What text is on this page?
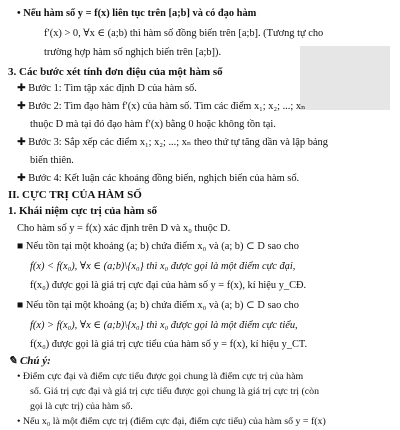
• Nếu hàm số y = f(x) liên tục trên [a;b] và có đạo hàm
f′(x) > 0, ∀x ∈ (a;b) thì hàm số đồng biến trên [a;b]. (Tương tự cho
trường hợp hàm số nghịch biến trên [a;b]).
3. Các bước xét tính đơn điệu của một hàm số
✚ Bước 1: Tìm tập xác định D của hàm số.
✚ Bước 2: Tìm đạo hàm f′(x) của hàm số. Tìm các điểm x₁; x₂; ...; xₙ
thuộc D mà tại đó đạo hàm f′(x) bằng 0 hoặc không tồn tại.
✚ Bước 3: Sắp xếp các điểm x₁; x₂; ...; xₙ theo thứ tự tăng dần và lập bảng
biến thiên.
✚ Bước 4: Kết luận các khoảng đồng biến, nghịch biến của hàm số.
II. CỰC TRỊ CỦA HÀM SỐ
1. Khái niệm cực trị của hàm số
Cho hàm số y = f(x) xác định trên D và x₀ thuộc D.
■ Nếu tồn tại một khoảng (a; b) chứa điểm x₀ và (a; b) ⊂ D sao cho
f(x) < f(x₀), ∀x ∈ (a;b)\{x₀} thì x₀ được gọi là một điểm cực đại,
f(x₀) được gọi là giá trị cực đại của hàm số y = f(x), kí hiệu y_CĐ.
■ Nếu tồn tại một khoảng (a; b) chứa điểm x₀ và (a; b) ⊂ D sao cho
f(x) > f(x₀), ∀x ∈ (a;b)\{x₀} thì x₀ được gọi là một điểm cực tiểu,
f(x₀) được gọi là giá trị cực tiểu của hàm số y = f(x), kí hiệu y_CT.
✎ Chú ý:
• Điểm cực đại và điểm cực tiểu được gọi chung là điểm cực trị của hàm
số. Giá trị cực đại và giá trị cực tiểu được gọi chung là giá trị cực trị (còn
gọi là cực trị) của hàm số.
• Nếu x₀ là một điểm cực trị (điểm cực đại, điểm cực tiểu) của hàm số y = f(x)
